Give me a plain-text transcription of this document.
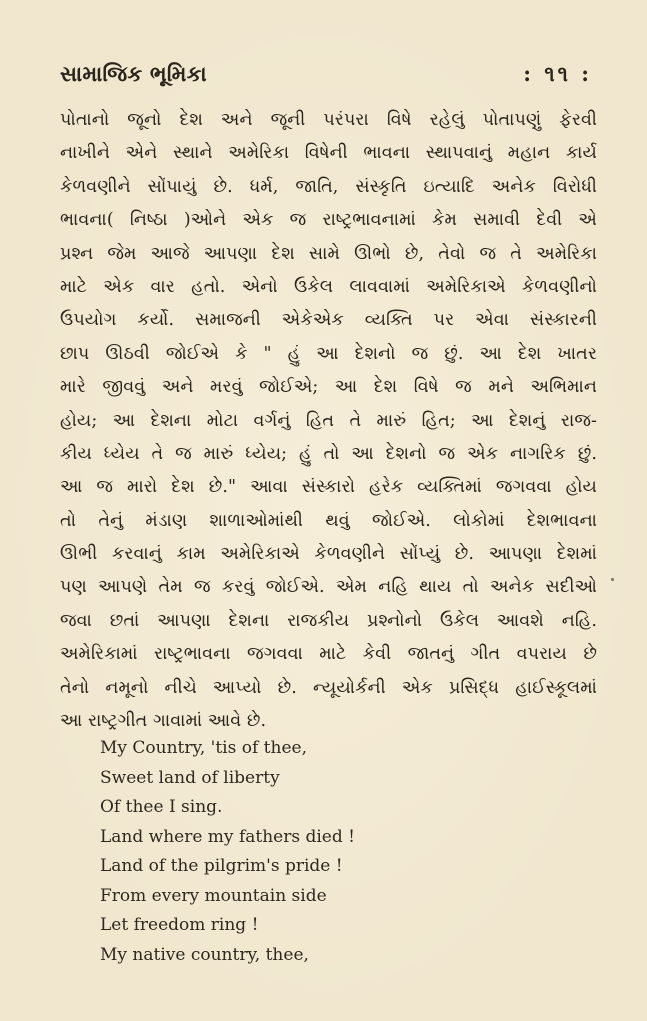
સામાજિક ભૂમિકા	: ૧૧ :
પોતાનો જૂનો દેશ અને જૂની પરંપરા વિષે રહેલું પોતાપણું ફેરવી
નાખીને એને સ્થાને અમેરિકા વિષેની ભાવના સ્થાપવાનું મહાન કાર્ય
કેળવણીને સોંપાયું છે. ધર્મ, જાતિ, સંસ્કૃતિ ઇત્યાદિ અનેક વિરોધી
ભાવના( નિષ્ઠા )ઓને એક જ રાષ્ટ્રભાવનામાં કેમ સમાવી દેવી એ
પ્રશ્ન જેમ આજે આપણા દેશ સામે ઊભો છે, તેવો જ તે અમેરિકા
માટે એક વાર હતો. એનો ઉકેલ લાવવામાં અમેરિકાએ કેળવણીનો
ઉપયોગ કર્યો. સમાજની એકેએક વ્યક્તિ પર એવા સંસ્કારની
છાપ ઊઠવી જોઈએ કે " હું આ દેશનો જ છું. આ દેશ ખાતર
મારે જીવવું અને મરવું જોઈએ; આ દેશ વિષે જ મને અભિમાન
હોય; આ દેશના મોટા વર્ગનું હિત તે મારું હિત; આ દેશનું રાજ-
કીય ધ્યેય તે જ મારું ધ્યેય; હું તો આ દેશનો જ એક નાગરિક છું.
આ જ મારો દેશ છે." આવા સંસ્કારો હરેક વ્યક્તિમાં જગવવા હોય
તો તેનું મંડાણ શાળાઓમાંથી થવું જોઈએ. લોકોમાં દેશભાવના
ઊભી કરવાનું કામ અમેરિકાએ કેળવણીને સોંપ્યું છે. આપણા દેશમાં
પણ આપણે તેમ જ કરવું જોઈએ. એમ નહિ થાય તો અનેક સદીઓ
જવા છતાં આપણા દેશના રાજકીય પ્રશ્નોનો ઉકેલ આવશે નહિ.
અમેરિકામાં રાષ્ટ્રભાવના જગવવા માટે કેવી જાતનું ગીત વપરાય છે
તેનો નમૂનો નીચે આપ્યો છે. ન્યૂયોર્કની એક પ્રસિદ્ધ હાઈસ્કૂલમાં
આ રાષ્ટ્રગીત ગાવામાં આવે છે.
My Country, 'tis of thee,
Sweet land of liberty
Of thee I sing.
Land where my fathers died !
Land of the pilgrim's pride !
From every mountain side
Let freedom ring !
My native country, thee,
